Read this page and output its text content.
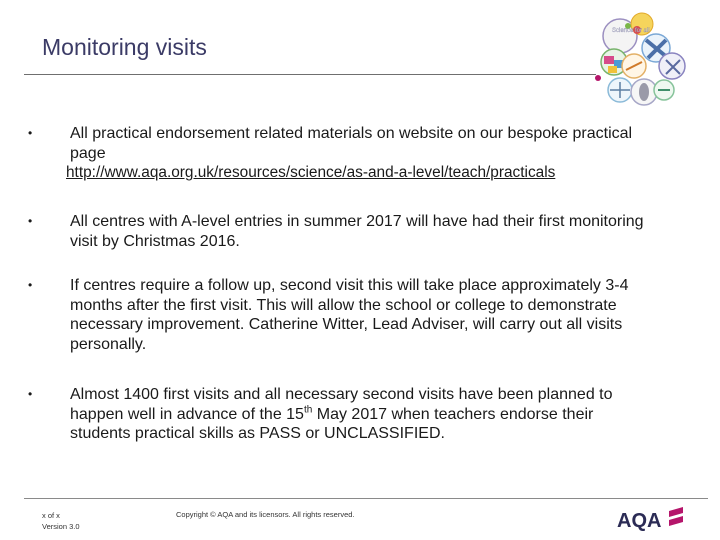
Monitoring visits
Science for all
•	All practical endorsement related materials on website on our bespoke practical page
http://www.aqa.org.uk/resources/science/as-and-a-level/teach/practicals
•	All centres with A-level entries in summer 2017 will have had their first monitoring visit by Christmas 2016.
•	If centres require a follow up, second visit this will take place approximately 3-4 months after the first visit. This will allow the school or college to demonstrate necessary improvement. Catherine Witter, Lead Adviser, will carry out all visits personally.
•	Almost 1400 first visits and all necessary second visits have been planned to happen well in advance of the 15th May 2017 when teachers endorse their students practical skills as PASS or UNCLASSIFIED.
x of x
Version 3.0
Copyright © AQA and its licensors. All rights reserved.	AQA
